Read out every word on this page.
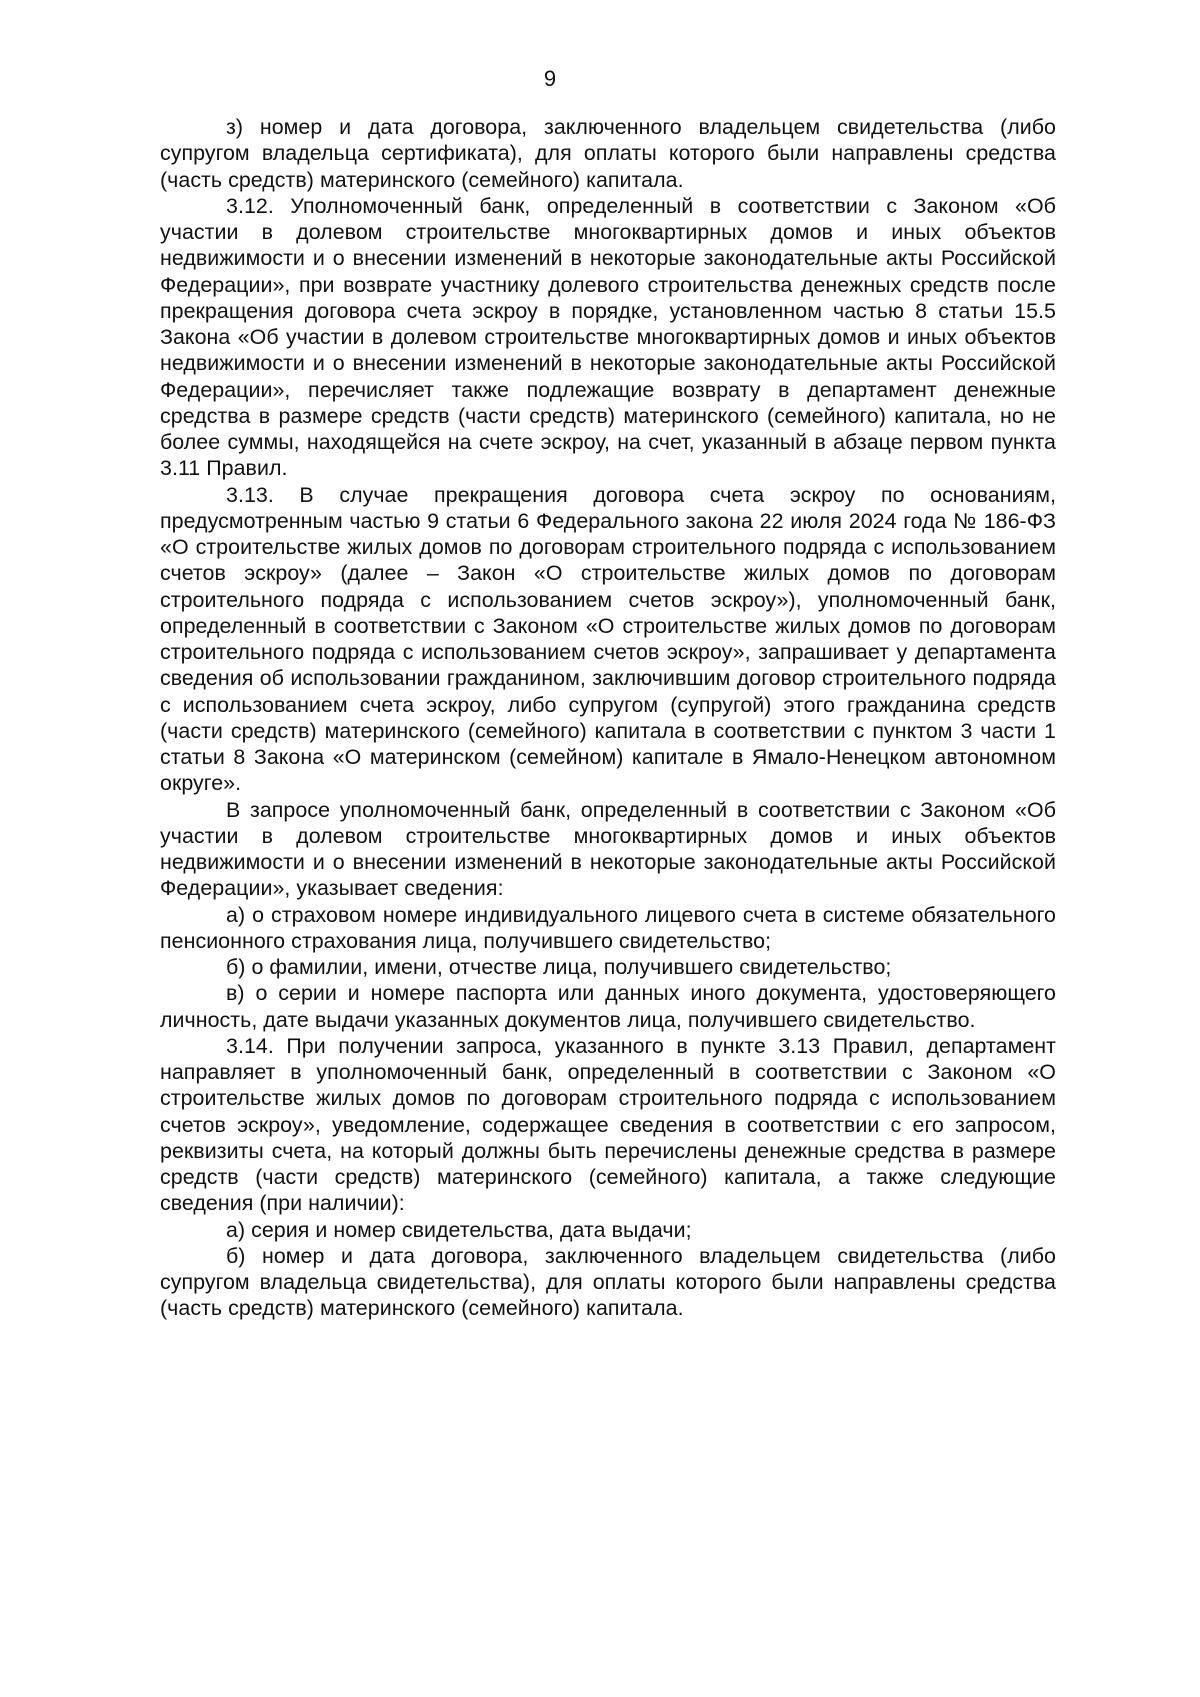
9

з) номер и дата договора, заключенного владельцем свидетельства (либо супругом владельца сертификата), для оплаты которого были направлены средства (часть средств) материнского (семейного) капитала.

3.12. Уполномоченный банк, определенный в соответствии с Законом «Об участии в долевом строительстве многоквартирных домов и иных объектов недвижимости и о внесении изменений в некоторые законодательные акты Российской Федерации», при возврате участнику долевого строительства денежных средств после прекращения договора счета эскроу в порядке, установленном частью 8 статьи 15.5 Закона «Об участии в долевом строительстве многоквартирных домов и иных объектов недвижимости и о внесении изменений в некоторые законодательные акты Российской Федерации», перечисляет также подлежащие возврату в департамент денежные средства в размере средств (части средств) материнского (семейного) капитала, но не более суммы, находящейся на счете эскроу, на счет, указанный в абзаце первом пункта 3.11 Правил.

3.13. В случае прекращения договора счета эскроу по основаниям, предусмотренным частью 9 статьи 6 Федерального закона 22 июля 2024 года № 186-ФЗ «О строительстве жилых домов по договорам строительного подряда с использованием счетов эскроу» (далее – Закон «О строительстве жилых домов по договорам строительного подряда с использованием счетов эскроу»), уполномоченный банк, определенный в соответствии с Законом «О строительстве жилых домов по договорам строительного подряда с использованием счетов эскроу», запрашивает у департамента сведения об использовании гражданином, заключившим договор строительного подряда с использованием счета эскроу, либо супругом (супругой) этого гражданина средств (части средств) материнского (семейного) капитала в соответствии с пунктом 3 части 1 статьи 8 Закона «О материнском (семейном) капитале в Ямало-Ненецком автономном округе».

В запросе уполномоченный банк, определенный в соответствии с Законом «Об участии в долевом строительстве многоквартирных домов и иных объектов недвижимости и о внесении изменений в некоторые законодательные акты Российской Федерации», указывает сведения:

а) о страховом номере индивидуального лицевого счета в системе обязательного пенсионного страхования лица, получившего свидетельство;

б) о фамилии, имени, отчестве лица, получившего свидетельство;

в) о серии и номере паспорта или данных иного документа, удостоверяющего личность, дате выдачи указанных документов лица, получившего свидетельство.

3.14. При получении запроса, указанного в пункте 3.13 Правил, департамент направляет в уполномоченный банк, определенный в соответствии с Законом «О строительстве жилых домов по договорам строительного подряда с использованием счетов эскроу», уведомление, содержащее сведения в соответствии с его запросом, реквизиты счета, на который должны быть перечислены денежные средства в размере средств (части средств) материнского (семейного) капитала, а также следующие сведения (при наличии):

а) серия и номер свидетельства, дата выдачи;

б) номер и дата договора, заключенного владельцем свидетельства (либо супругом владельца свидетельства), для оплаты которого были направлены средства (часть средств) материнского (семейного) капитала.
